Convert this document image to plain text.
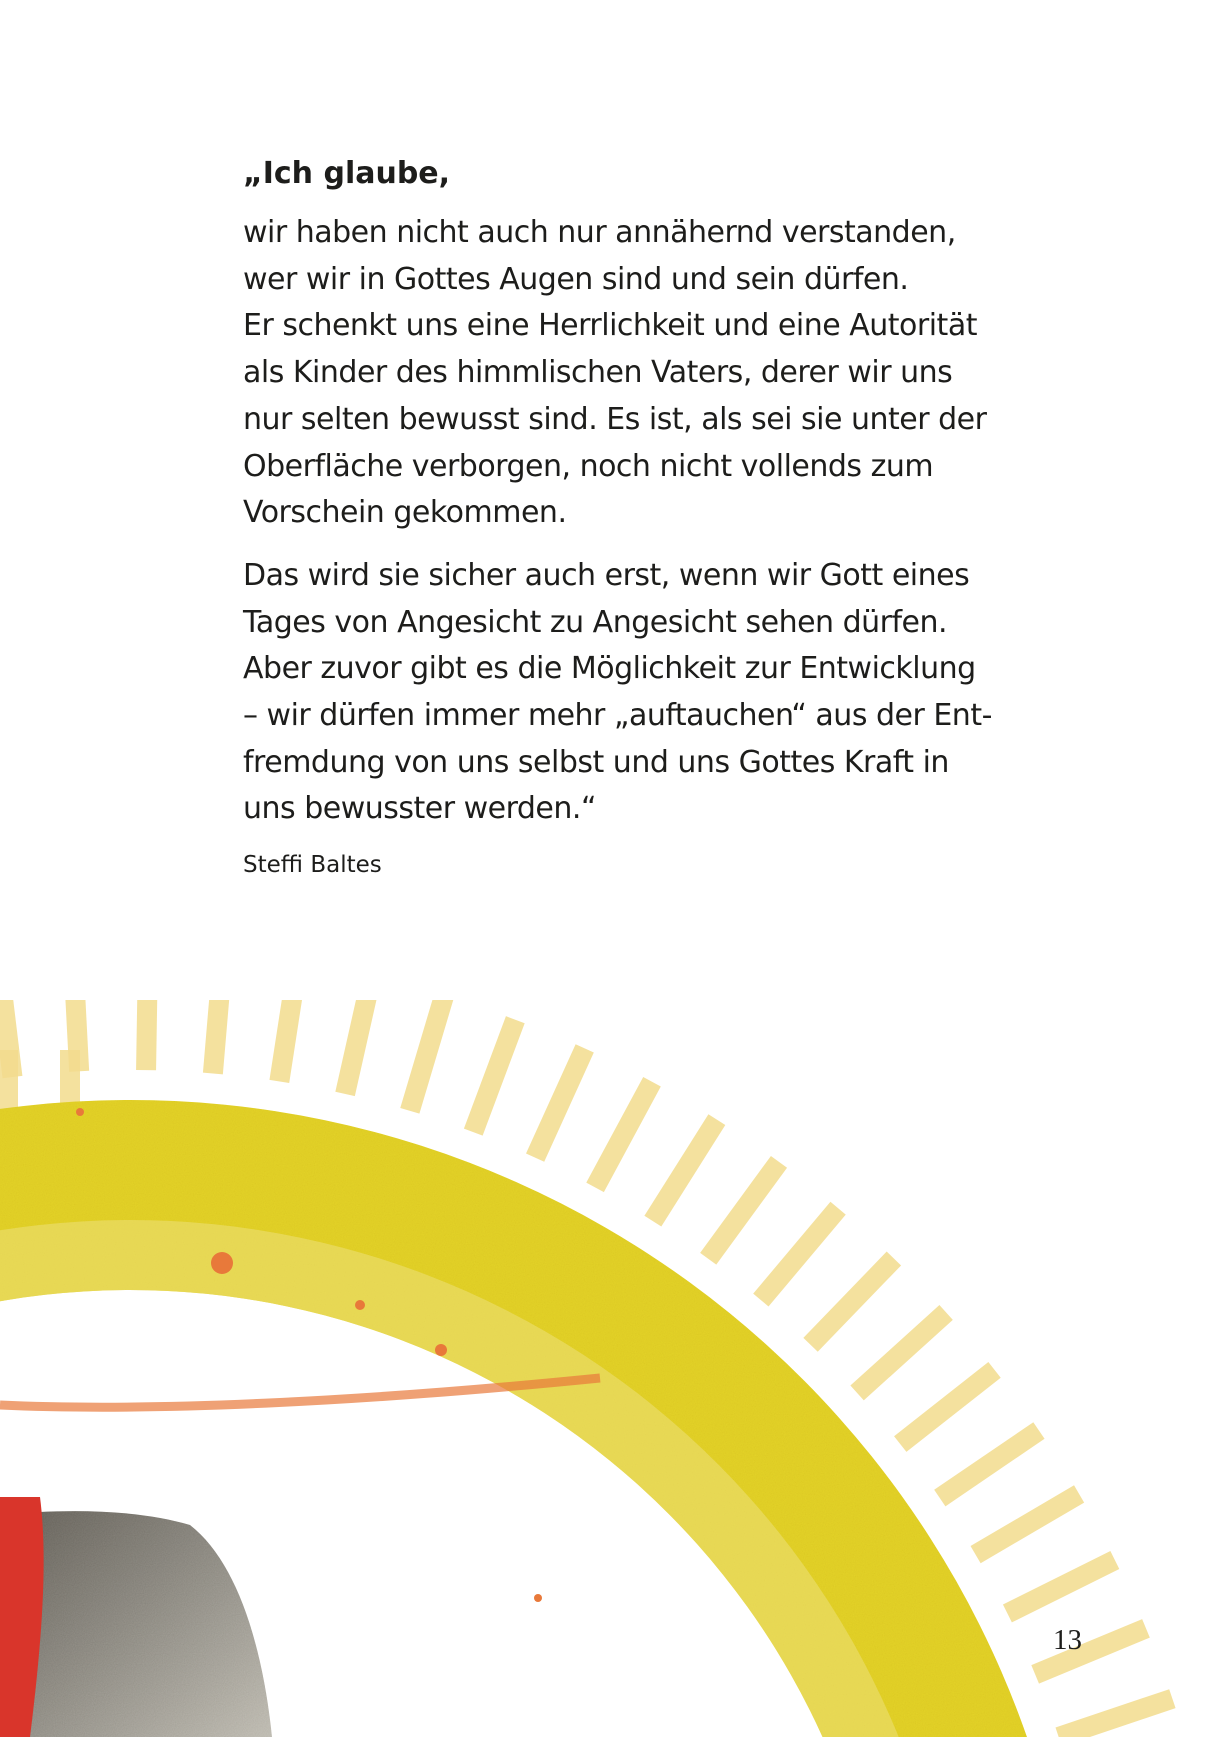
„Ich glaube,
wir haben nicht auch nur annähernd verstanden,
wer wir in Gottes Augen sind und sein dürfen.
Er schenkt uns eine Herrlichkeit und eine Autorität
als Kinder des himmlischen Vaters, derer wir uns
nur selten bewusst sind. Es ist, als sei sie unter der
Oberfläche verborgen, noch nicht vollends zum
Vorschein gekommen.
Das wird sie sicher auch erst, wenn wir Gott eines
Tages von Angesicht zu Angesicht sehen dürfen.
Aber zuvor gibt es die Möglichkeit zur Entwicklung
– wir dürfen immer mehr „auftauchen“ aus der Ent-
fremdung von uns selbst und uns Gottes Kraft in
uns bewusster werden.“
Steffi Baltes
13
